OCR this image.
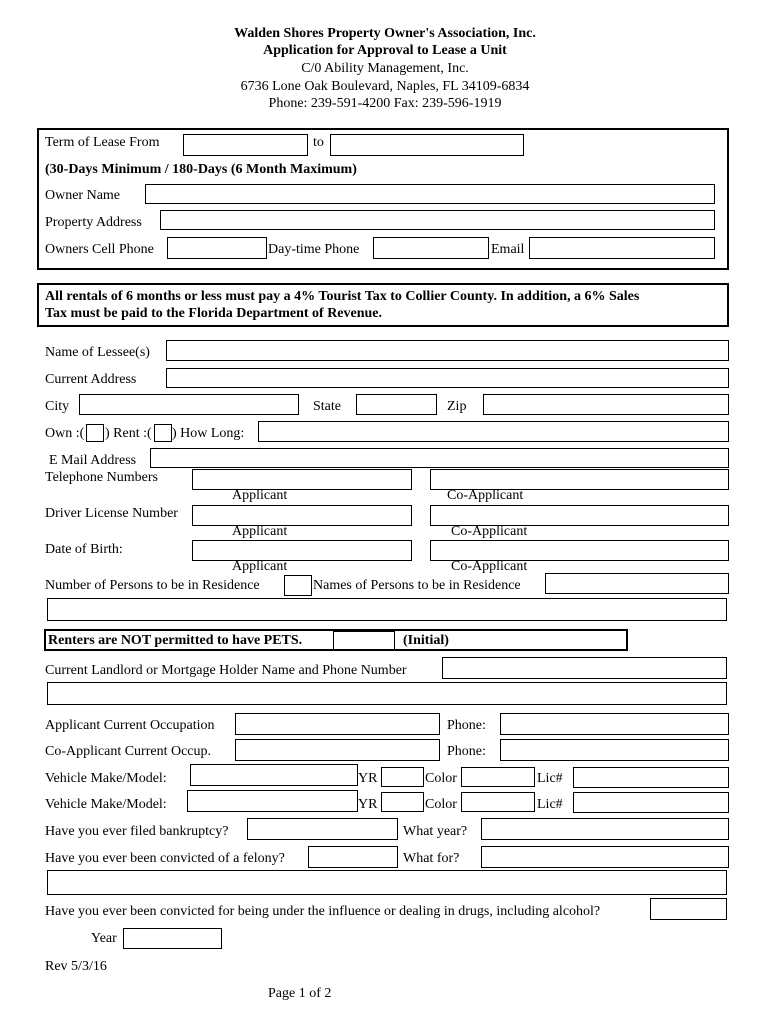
Walden Shores Property Owner's Association, Inc.
Application for Approval to Lease a Unit
C/0 Ability Management, Inc.
6736 Lone Oak Boulevard, Naples, FL 34109-6834
Phone: 239-591-4200 Fax: 239-596-1919
Term of Lease From	to
(30-Days Minimum / 180-Days (6 Month Maximum)
Owner Name
Property Address
Owners Cell Phone	Day-time Phone	Email
All rentals of 6 months or less must pay a 4% Tourist Tax to Collier County. In addition, a 6% Sales
Tax must be paid to the Florida Department of Revenue.
Name of Lessee(s)
Current Address
City	State	Zip
Own :( ) Rent :( ) How Long:
E Mail Address
Telephone Numbers
Applicant	Co-Applicant
Driver License Number
Applicant	Co-Applicant
Date of Birth:
Applicant	Co-Applicant
Number of Persons to be in Residence	Names of Persons to be in Residence
Renters are NOT permitted to have PETS.	(Initial)
Current Landlord or Mortgage Holder Name and Phone Number
Applicant Current Occupation	Phone:
Co-Applicant Current Occup.	Phone:
Vehicle Make/Model:	YR	Color	Lic#
Vehicle Make/Model:	YR	Color	Lic#
Have you ever filed bankruptcy?	What year?
Have you ever been convicted of a felony?	What for?
Have you ever been convicted for being under the influence or dealing in drugs, including alcohol?
Year
Rev 5/3/16
Page 1 of 2
